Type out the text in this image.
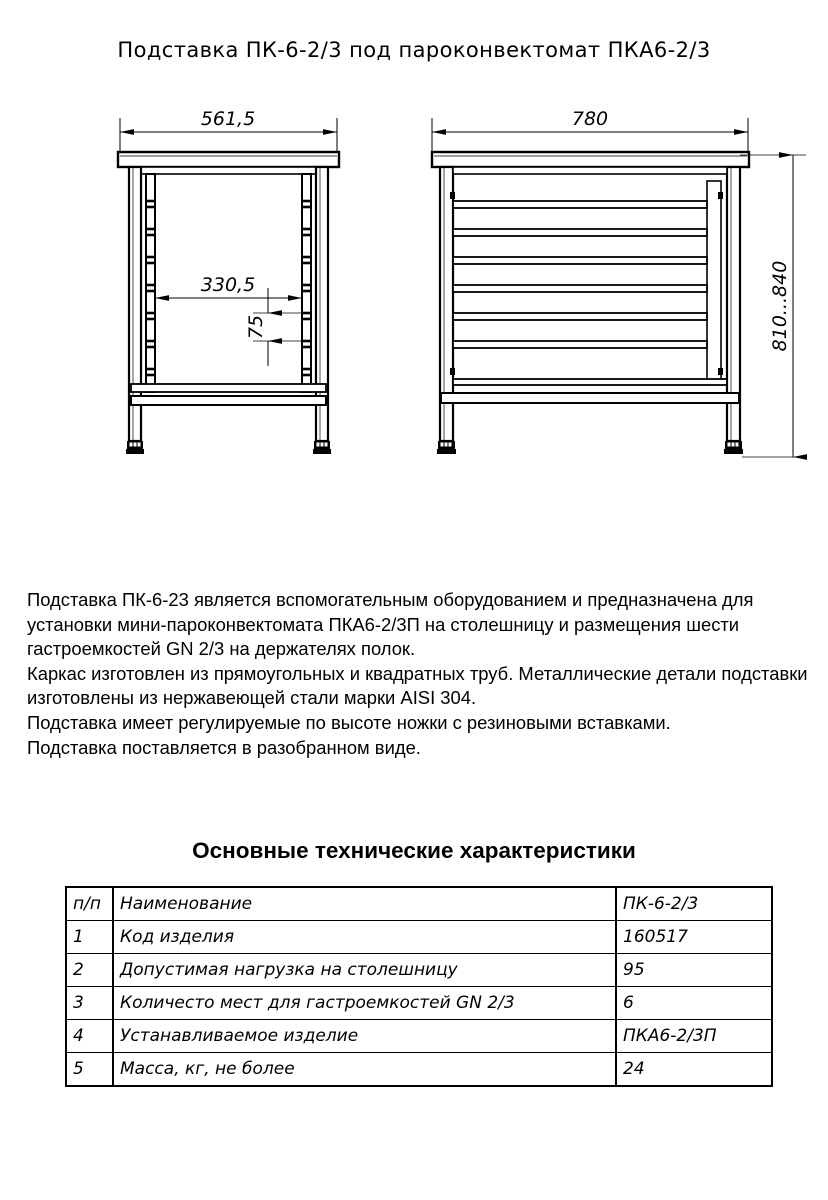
Подставка ПК-6-2/3 под пароконвектомат ПКА6-2/3
561,5
330,5
75
780
810...840

Подставка ПК-6-23 является вспомогательным оборудованием и предназначена для установки мини-пароконвектомата ПКА6-2/3П на столешницу и размещения шести гастроемкостей GN 2/3 на держателях полок.

Каркас изготовлен из прямоугольных и квадратных труб. Металлические детали подставки изготовлены из нержавеющей стали марки AISI 304.

Подставка имеет регулируемые по высоте ножки с резиновыми вставками.

Подставка поставляется в разобранном виде.

Основные технические характеристики
п/п	Наименование	ПК-6-2/3
1	Код изделия	160517
2	Допустимая нагрузка на столешницу	95
3	Количесто мест для гастроемкостей GN 2/3	6
4	Устанавливаемое изделие	ПКА6-2/3П
5	Масса, кг, не более	24
